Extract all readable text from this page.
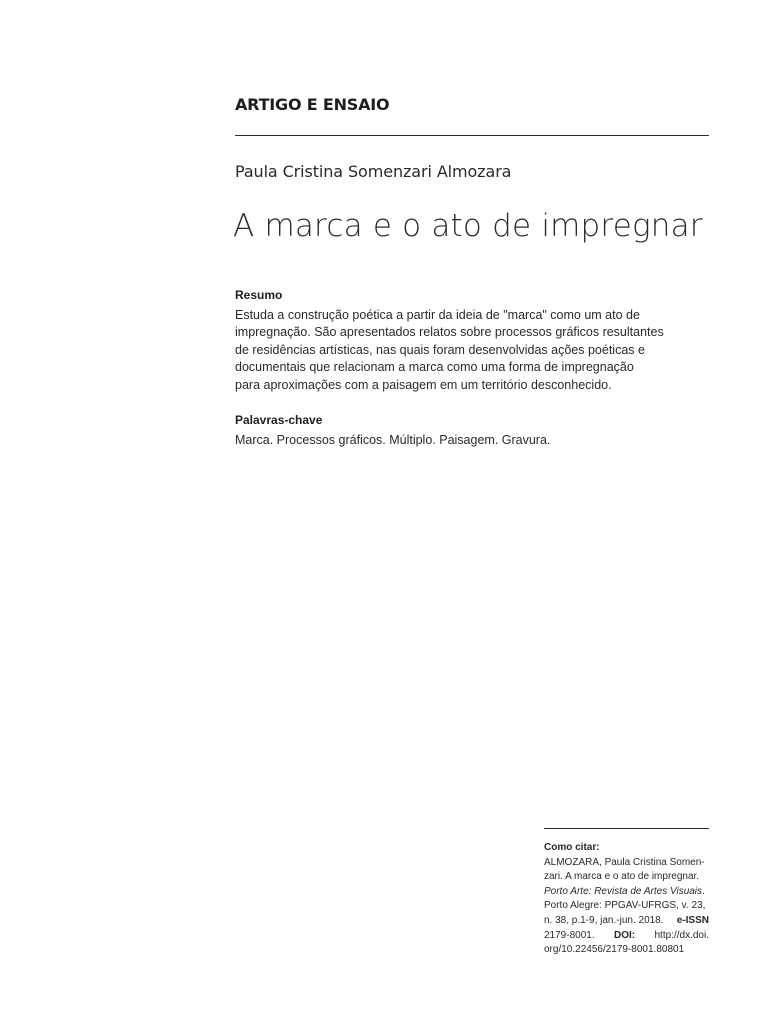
ARTIGO E ENSAIO

Paula Cristina Somenzari Almozara

A marca e o ato de impregnar
Resumo
Estuda a construção poética a partir da ideia de "marca" como um ato de
impregnação. São apresentados relatos sobre processos gráficos resultantes
de residências artísticas, nas quais foram desenvolvidas ações poéticas e
documentais que relacionam a marca como uma forma de impregnação
para aproximações com a paisagem em um território desconhecido.
Palavras-chave

Marca. Processos gráficos. Múltiplo. Paisagem. Gravura.

Como citar:
ALMOZARA, Paula Cristina Somen-
zari. A marca e o ato de impregnar.
Porto Arte: Revista de Artes Visuais .
Porto Alegre: PPGAV-UFRGS, v. 23,
n. 38, p.1-9, jan.-jun. 2018. e-ISSN
2179-8001. DOI: http://dx.doi.
org/10.22456/2179-8001.80801
